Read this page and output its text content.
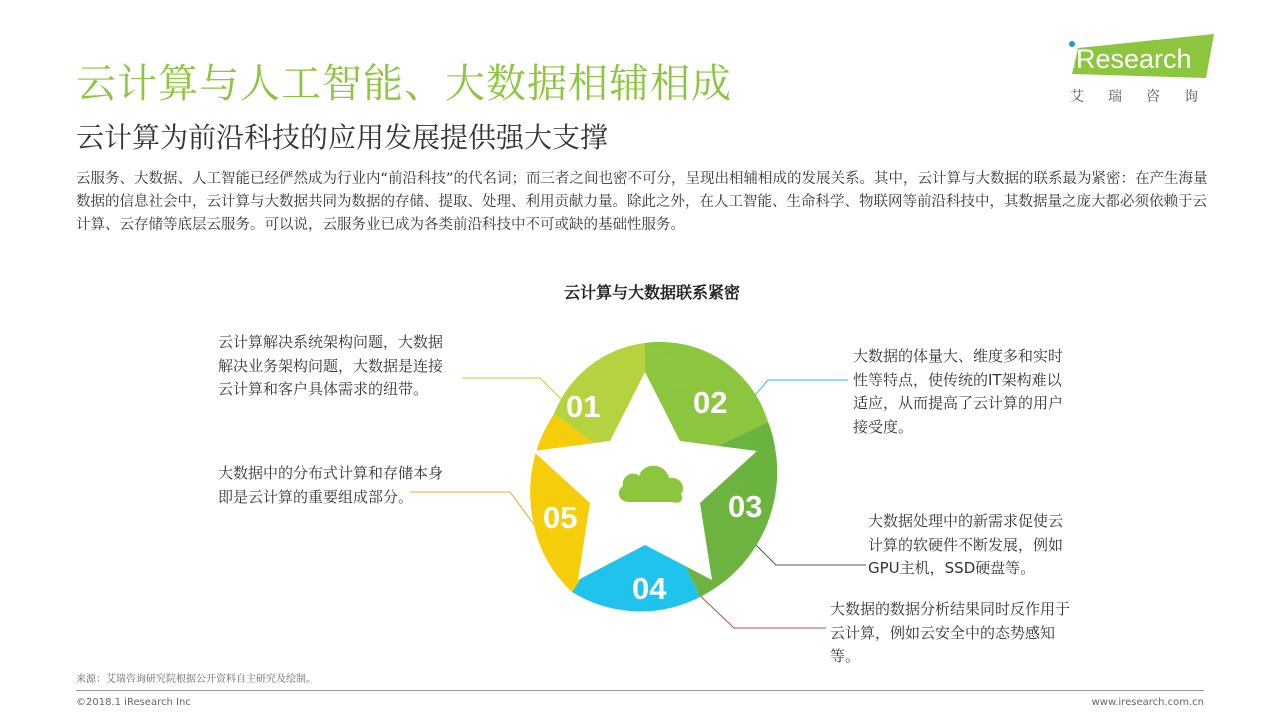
云计算与人工智能、大数据相辅相成
云计算为前沿科技的应用发展提供强大支撑
云服务、大数据、人工智能已经俨然成为行业内“前沿科技”的代名词；而三者之间也密不可分，呈现出相辅相成的发展关系。其中，云计算与大数据的联系最为紧密：在产生海量数据的信息社会中，云计算与大数据共同为数据的存储、提取、处理、利用贡献力量。除此之外，在人工智能、生命科学、物联网等前沿科技中，其数据量之庞大都必须依赖于云计算、云存储等底层云服务。可以说，云服务业已成为各类前沿科技中不可或缺的基础性服务。
iResearch
艾瑞咨询
云计算与大数据联系紧密
01	02
03
04
05
云计算解决系统架构问题，大数据解决业务架构问题，大数据是连接云计算和客户具体需求的纽带。
大数据的体量大、维度多和实时性等特点，使传统的IT架构难以适应，从而提高了云计算的用户接受度。
大数据处理中的新需求促使云计算的软硬件不断发展，例如GPU主机，SSD硬盘等。
大数据的数据分析结果同时反作用于云计算，例如云安全中的态势感知等。
大数据中的分布式计算和存储本身即是云计算的重要组成部分。
来源：艾瑞咨询研究院根据公开资料自主研究及绘制。
©2018.1 iResearch Inc	www.iresearch.com.cn
